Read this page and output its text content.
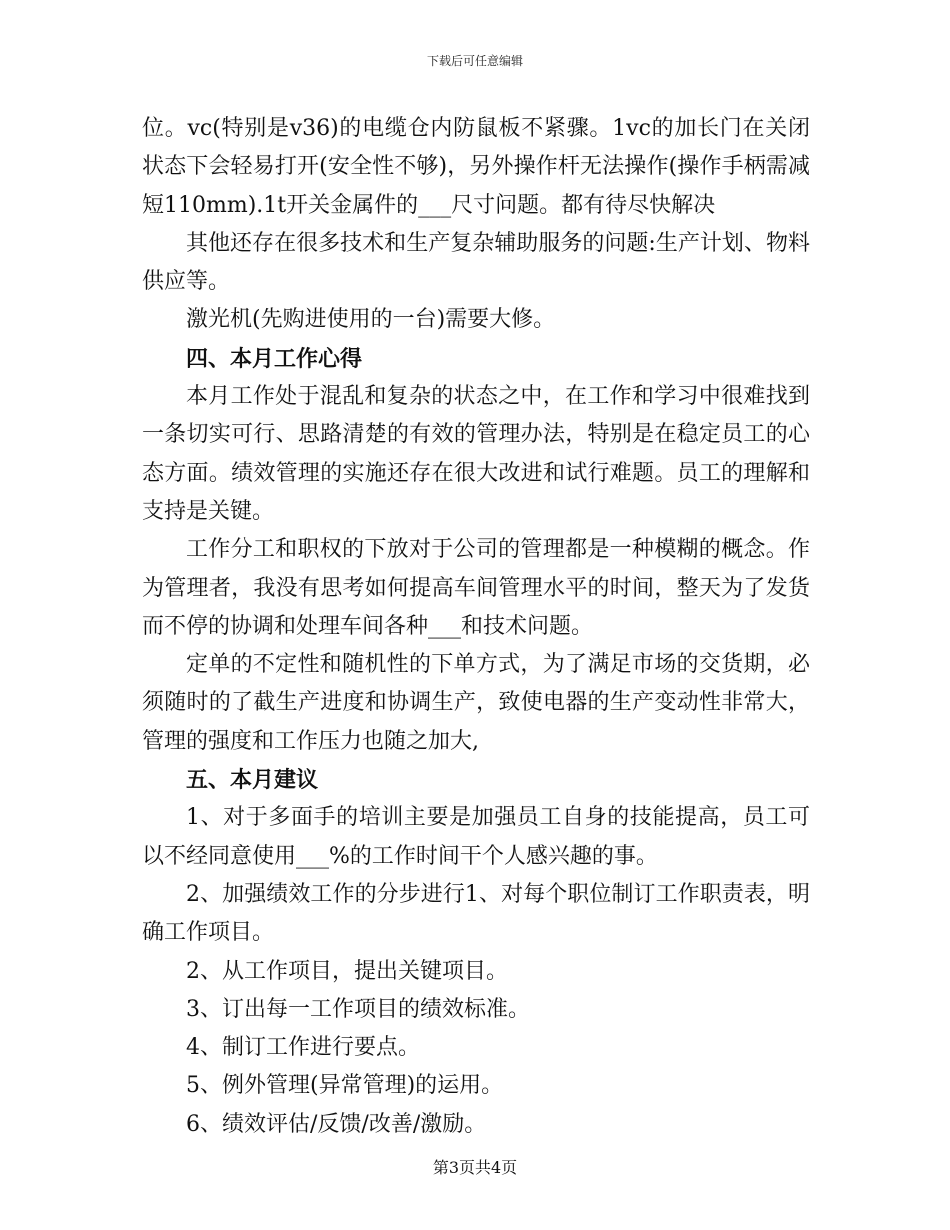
下载后可任意编辑

位。vc(特别是v36)的电缆仓内防鼠板不紧骤。1vc的加长门在关闭状态下会轻易打开(安全性不够)，另外操作杆无法操作(操作手柄需减短110mm).1t开关金属件的___尺寸问题。都有待尽快解决

其他还存在很多技术和生产复杂辅助服务的问题:生产计划、物料供应等。

激光机(先购进使用的一台)需要大修。

四、本月工作心得

本月工作处于混乱和复杂的状态之中，在工作和学习中很难找到一条切实可行、思路清楚的有效的管理办法，特别是在稳定员工的心态方面。绩效管理的实施还存在很大改进和试行难题。员工的理解和支持是关键。

工作分工和职权的下放对于公司的管理都是一种模糊的概念。作为管理者，我没有思考如何提高车间管理水平的时间，整天为了发货而不停的协调和处理车间各种___和技术问题。

定单的不定性和随机性的下单方式，为了满足市场的交货期，必须随时的了截生产进度和协调生产，致使电器的生产变动性非常大，管理的强度和工作压力也随之加大,

五、本月建议

1、对于多面手的培训主要是加强员工自身的技能提高，员工可以不经同意使用___%的工作时间干个人感兴趣的事。

2、加强绩效工作的分步进行1、对每个职位制订工作职责表，明确工作项目。

2、从工作项目，提出关键项目。

3、订出每一工作项目的绩效标准。

4、制订工作进行要点。

5、例外管理(异常管理)的运用。

6、绩效评估/反馈/改善/激励。

第3页共4页
